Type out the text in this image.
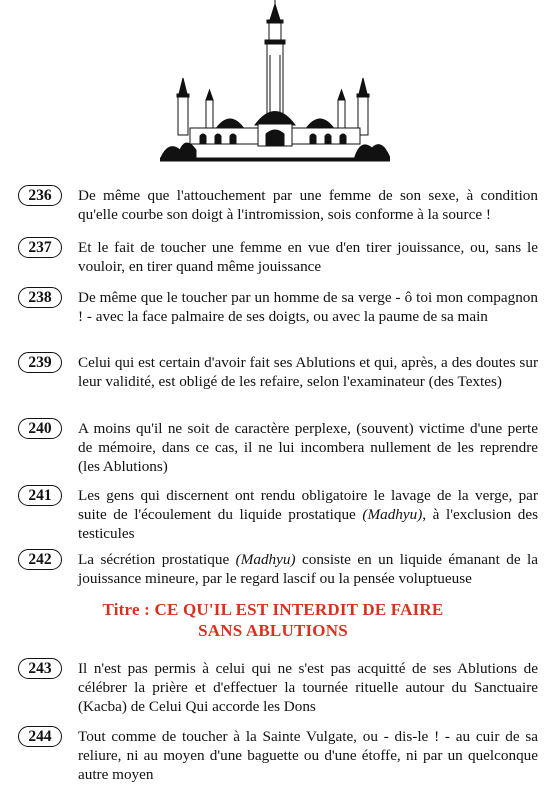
236	De même que l'attouchement par une femme de son sexe, à condition qu'elle courbe son doigt à l'intromission, sois conforme à la source !
237	Et le fait de toucher une femme en vue d'en tirer jouissance, ou, sans le vouloir, en tirer quand même jouissance
238	De même que le toucher par un homme de sa verge - ô toi mon compagnon ! - avec la face palmaire de ses doigts, ou avec la paume de sa main
239	Celui qui est certain d'avoir fait ses Ablutions et qui, après, a des doutes sur leur validité, est obligé de les refaire, selon l'examinateur (des Textes)
240	A moins qu'il ne soit de caractère perplexe, (souvent) victime d'une perte de mémoire, dans ce cas, il ne lui incombera nullement de les reprendre (les Ablutions)
241	Les gens qui discernent ont rendu obligatoire le lavage de la verge, par suite de l'écoulement du liquide prostatique (Madhyu), à l'exclusion des testicules
242	La sécrétion prostatique (Madhyu) consiste en un liquide émanant de la jouissance mineure, par le regard lascif ou la pensée voluptueuse
Titre : CE QU'IL EST INTERDIT DE FAIRE
SANS ABLUTIONS
243	Il n'est pas permis à celui qui ne s'est pas acquitté de ses Ablutions de célébrer la prière et d'effectuer la tournée rituelle autour du Sanctuaire (Kacba) de Celui Qui accorde les Dons
244	Tout comme de toucher à la Sainte Vulgate, ou - dis-le ! - au cuir de sa reliure, ni au moyen d'une baguette ou d'une étoffe, ni par un quelconque autre moyen
